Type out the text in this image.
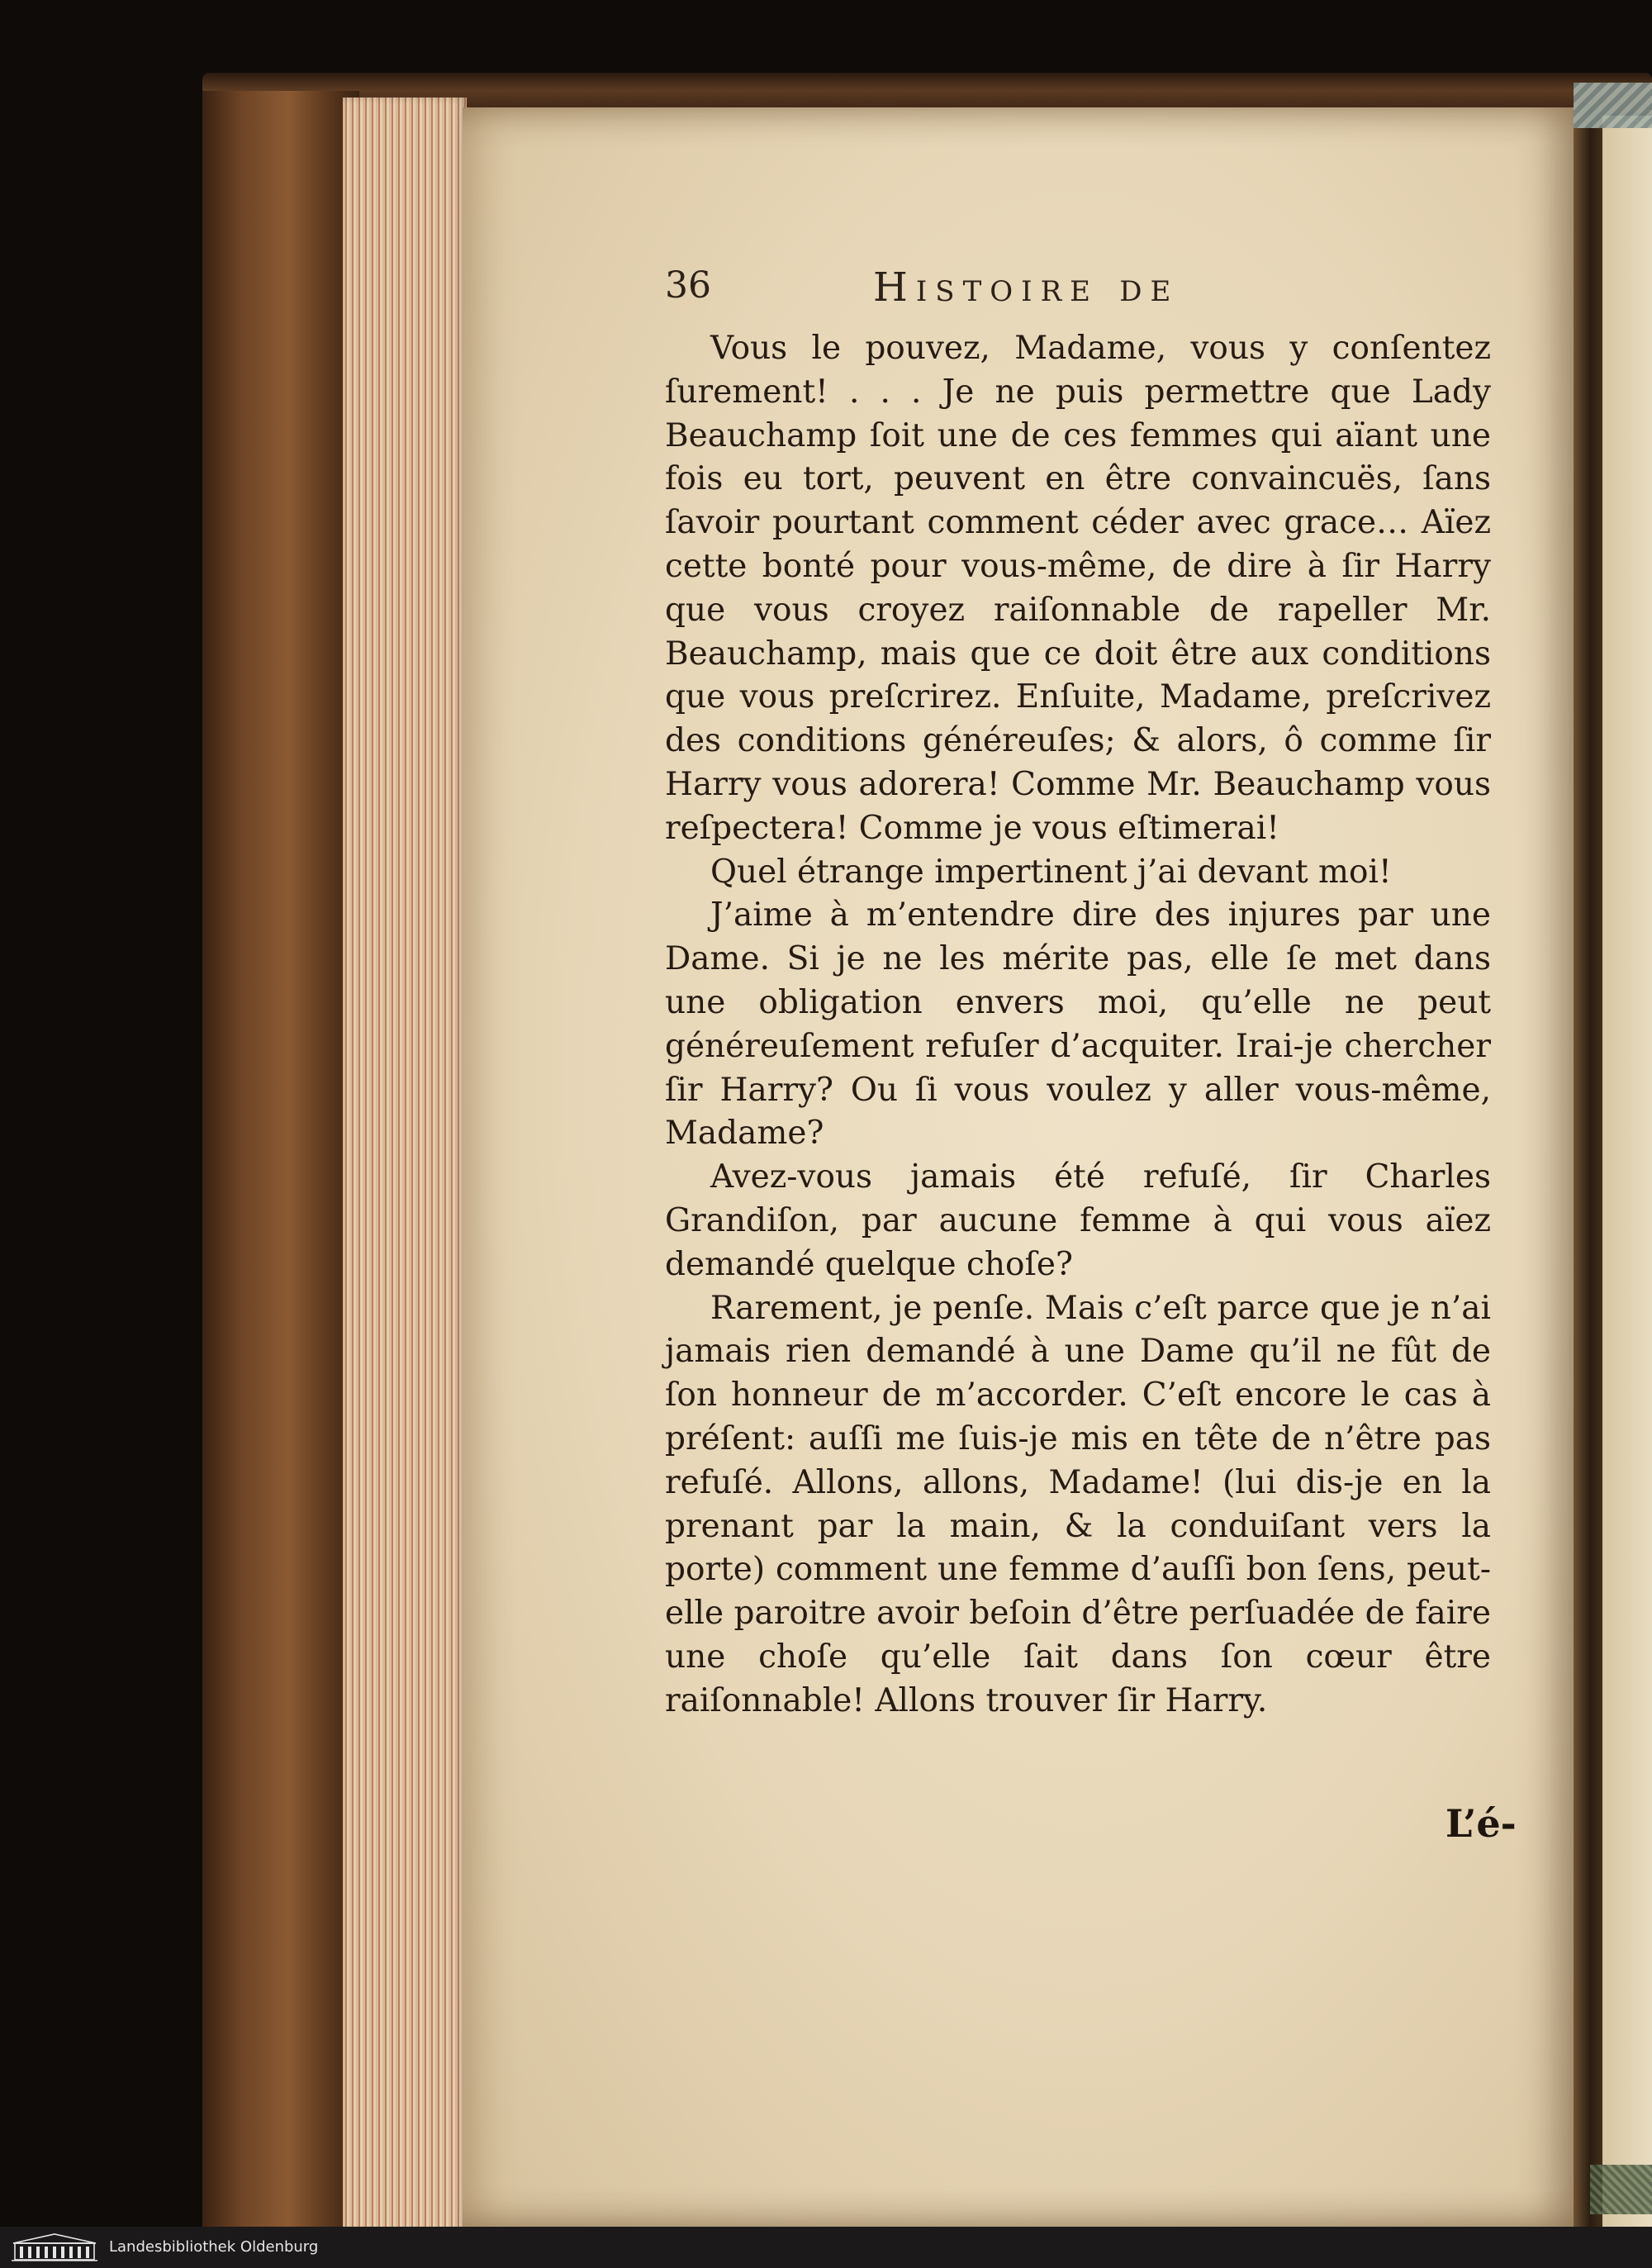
36	Histoire de

Vous le pouvez, Madame, vous y conſentez ſurement! . . . Je ne puis permettre que Lady Beauchamp ſoit une de ces femmes qui aïant une fois eu tort, peuvent en être convaincuës, ſans ſavoir pourtant comment céder avec grace… Aïez cette bonté pour vous-même, de dire à ſir Harry que vous croyez raiſonnable de rapeller Mr. Beauchamp, mais que ce doit être aux conditions que vous preſcrirez. Enſuite, Madame, preſcrivez des conditions généreuſes; & alors, ô comme ſir Harry vous adorera! Comme Mr. Beauchamp vous reſpectera! Comme je vous eſtimerai!

Quel étrange impertinent j’ai devant moi!

J’aime à m’entendre dire des injures par une Dame. Si je ne les mérite pas, elle ſe met dans une obligation envers moi, qu’elle ne peut généreuſement refuſer d’acquiter. Irai-je chercher ſir Harry? Ou ſi vous voulez y aller vous-même, Madame?

Avez-vous jamais été refuſé, ſir Charles Grandiſon, par aucune femme à qui vous aïez demandé quelque choſe?

Rarement, je penſe. Mais c’eſt parce que je n’ai jamais rien demandé à une Dame qu’il ne fût de ſon honneur de m’accorder. C’eſt encore le cas à préſent: auſſi me ſuis-je mis en tête de n’être pas refuſé. Allons, allons, Madame! (lui dis-je en la prenant par la main, & la conduiſant vers la porte) comment une femme d’auſſi bon ſens, peut-elle paroitre avoir beſoin d’être perſuadée de faire une choſe qu’elle ſait dans ſon cœur être raiſonnable! Allons trouver ſir Harry.

L’é-
Landesbibliothek Oldenburg
